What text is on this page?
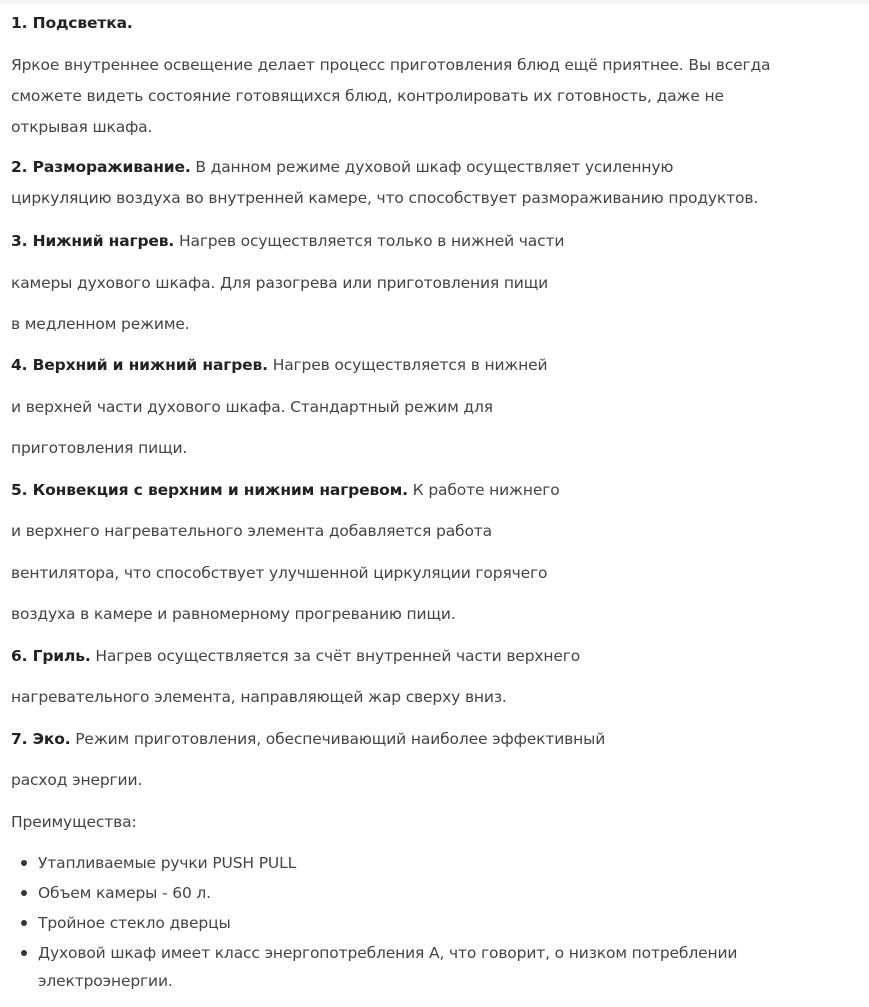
1. Подсветка.
Яркое внутреннее освещение делает процесс приготовления блюд ещё приятнее. Вы всегда
сможете видеть состояние готовящихся блюд, контролировать их готовность, даже не
открывая шкафа.
2. Размораживание. В данном режиме духовой шкаф осуществляет усиленную
циркуляцию воздуха во внутренней камере, что способствует размораживанию продуктов.
3. Нижний нагрев. Нагрев осуществляется только в нижней части
камеры духового шкафа. Для разогрева или приготовления пищи
в медленном режиме.
4. Верхний и нижний нагрев. Нагрев осуществляется в нижней
и верхней части духового шкафа. Стандартный режим для
приготовления пищи.
5. Конвекция с верхним и нижним нагревом. К работе нижнего
и верхнего нагревательного элемента добавляется работа
вентилятора, что способствует улучшенной циркуляции горячего
воздуха в камере и равномерному прогреванию пищи.
6. Гриль. Нагрев осуществляется за счёт внутренней части верхнего
нагревательного элемента, направляющей жар сверху вниз.
7. Эко. Режим приготовления, обеспечивающий наиболее эффективный
расход энергии.
Преимущества:
Утапливаемые ручки PUSH PULL
Объем камеры - 60 л.
Тройное стекло дверцы
Духовой шкаф имеет класс энергопотребления А, что говорит, о низком потреблении
электроэнергии.
